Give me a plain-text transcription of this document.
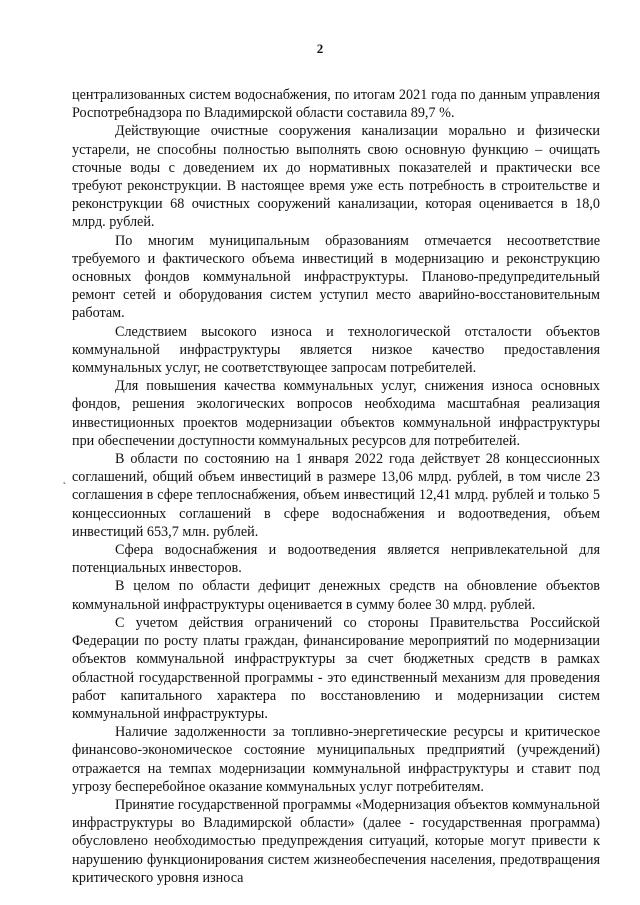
2
˛

централизованных систем водоснабжения, по итогам 2021 года по данным управления Роспотребнадзора по Владимирской области составила 89,7 %.

Действующие очистные сооружения канализации морально и физически устарели, не способны полностью выполнять свою основную функцию – очищать сточные воды с доведением их до нормативных показателей и практически все требуют реконструкции. В настоящее время уже есть потребность в строительстве и реконструкции 68 очистных сооружений канализации, которая оценивается в 18,0 млрд. рублей.

По многим муниципальным образованиям отмечается несоответствие требуемого и фактического объема инвестиций в модернизацию и реконструкцию основных фондов коммунальной инфраструктуры. Планово-предупредительный ремонт сетей и оборудования систем уступил место аварийно-восстановительным работам.

Следствием высокого износа и технологической отсталости объектов коммунальной инфраструктуры является низкое качество предоставления коммунальных услуг, не соответствующее запросам потребителей.

Для повышения качества коммунальных услуг, снижения износа основных фондов, решения экологических вопросов необходима масштабная реализация инвестиционных проектов модернизации объектов коммунальной инфраструктуры при обеспечении доступности коммунальных ресурсов для потребителей.

В области по состоянию на 1 января 2022 года действует 28 концессионных соглашений, общий объем инвестиций в размере 13,06 млрд. рублей, в том числе 23 соглашения в сфере теплоснабжения, объем инвестиций 12,41 млрд. рублей и только 5 концессионных соглашений в сфере водоснабжения и водоотведения, объем инвестиций 653,7 млн. рублей.

Сфера водоснабжения и водоотведения является непривлекательной для потенциальных инвесторов.

В целом по области дефицит денежных средств на обновление объектов коммунальной инфраструктуры оценивается в сумму более 30 млрд. рублей.

С учетом действия ограничений со стороны Правительства Российской Федерации по росту платы граждан, финансирование мероприятий по модернизации объектов коммунальной инфраструктуры за счет бюджетных средств в рамках областной государственной программы - это единственный механизм для проведения работ капитального характера по восстановлению и модернизации систем коммунальной инфраструктуры.

Наличие задолженности за топливно-энергетические ресурсы и критическое финансово-экономическое состояние муниципальных предприятий (учреждений) отражается на темпах модернизации коммунальной инфраструктуры и ставит под угрозу бесперебойное оказание коммунальных услуг потребителям.

Принятие государственной программы «Модернизация объектов коммунальной инфраструктуры во Владимирской области» (далее - государственная программа) обусловлено необходимостью предупреждения ситуаций, которые могут привести к нарушению функционирования систем жизнеобеспечения населения, предотвращения критического уровня износа
